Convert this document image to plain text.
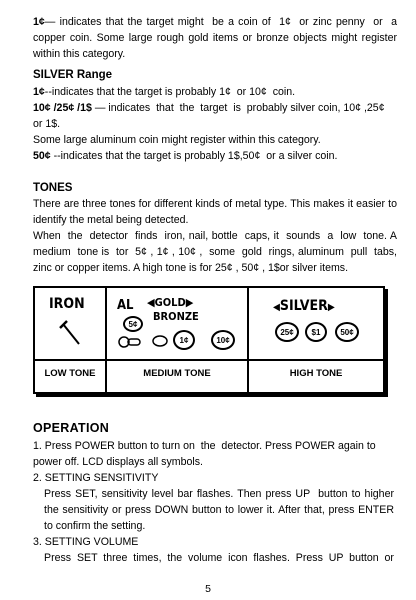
1¢— indicates that the target might  be a coin of  1¢  or zinc penny  or  a copper coin. Some large rough gold items or bronze objects might register within this category.
SILVER Range
1¢--indicates that the target is probably 1¢  or 10¢  coin.
10¢ /25¢ /1$ — indicates  that  the  target  is  probably silver coin, 10¢ ,25¢  or 1$.
Some large aluminum coin might register within this category.
50¢ --indicates that the target is probably 1$,50¢  or a silver coin.
TONES
There are three tones for different kinds of metal type. This makes it easier to identify the metal being detected.
When  the  detector  finds  iron, nail, bottle  caps, it  sounds  a  low  tone. A medium  tone is  tor  5¢ , 1¢ , 10¢ ,  some  gold  rings, aluminum  pull  tabs, zinc or copper items. A high tone is for 25¢ , 50¢ , 1$or silver items.
IRON AL ◀GOLD▶
BRONZE
5¢
1¢	10¢
◀SILVER▶
25¢	$1	50¢
LOW TONE	MEDIUM TONE	HIGH TONE
OPERATION
1. Press POWER button to turn on  the  detector. Press POWER again to power off. LCD displays all symbols.
2. SETTING SENSITIVITY
Press SET, sensitivity level bar flashes. Then press UP  button to higher the sensitivity or press DOWN button to lower it. After that, press ENTER to confirm the setting.
3. SETTING VOLUME
Press  SET  three  times,  the  volume  icon  flashes.  Press  UP  button  or
5
